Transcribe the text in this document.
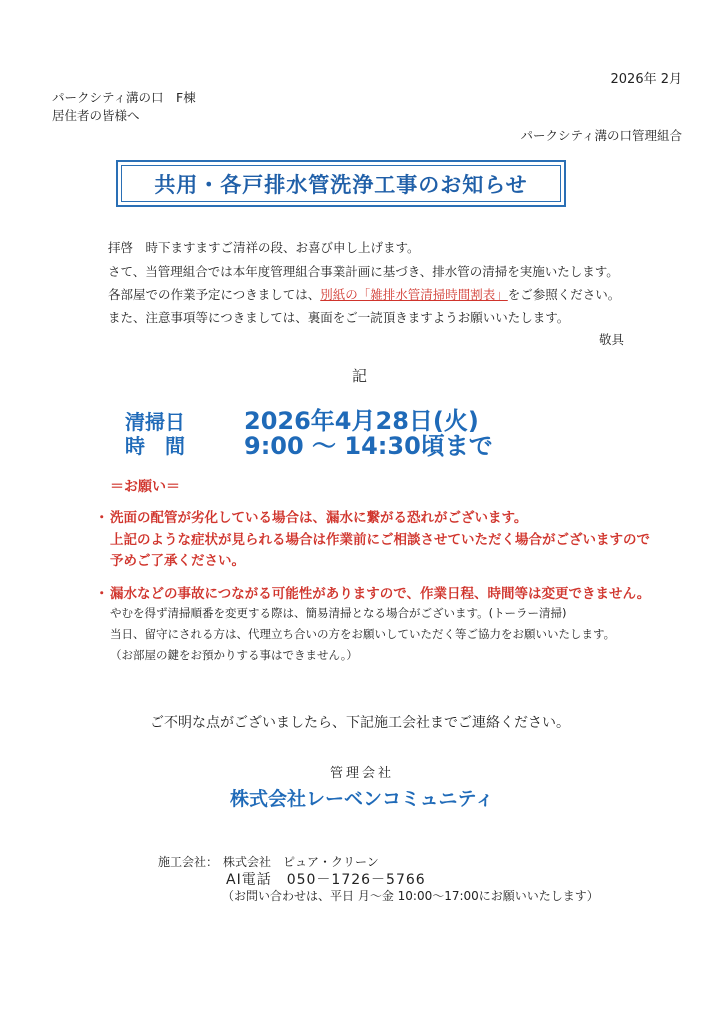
2026年 2月
パークシティ溝の口　F棟
居住者の皆様へ
パークシティ溝の口管理組合
共用・各戸排水管洗浄工事のお知らせ
拝啓　時下ますますご清祥の段、お喜び申し上げます。
さて、当管理組合では本年度管理組合事業計画に基づき、排水管の清掃を実施いたします。
各部屋での作業予定につきましては、別紙の「雑排水管清掃時間割表」をご参照ください。
また、注意事項等につきましては、裏面をご一読頂きますようお願いいたします。
敬具
記
清掃日 2026年4月28日(火)
時　間 9:00 ～ 14:30頃まで
＝お願い＝
・ 洗面の配管が劣化している場合は、漏水に繋がる恐れがございます。
上記のような症状が見られる場合は作業前にご相談させていただく場合がございますので
予めご了承ください。
・ 漏水などの事故につながる可能性がありますので、作業日程、時間等は変更できません。
やむを得ず清掃順番を変更する際は、簡易清掃となる場合がございます。(トーラー清掃)
当日、留守にされる方は、代理立ち合いの方をお願いしていただく等ご協力をお願いいたします。
（お部屋の鍵をお預かりする事はできません。）
ご不明な点がございましたら、下記施工会社までご連絡ください。
管理会社
株式会社レーベンコミュニティ
施工会社： 株式会社　ピュア・クリーン
AI電話　050－1726－5766
（お問い合わせは、平日 月～金 10:00～17:00にお願いいたします）
